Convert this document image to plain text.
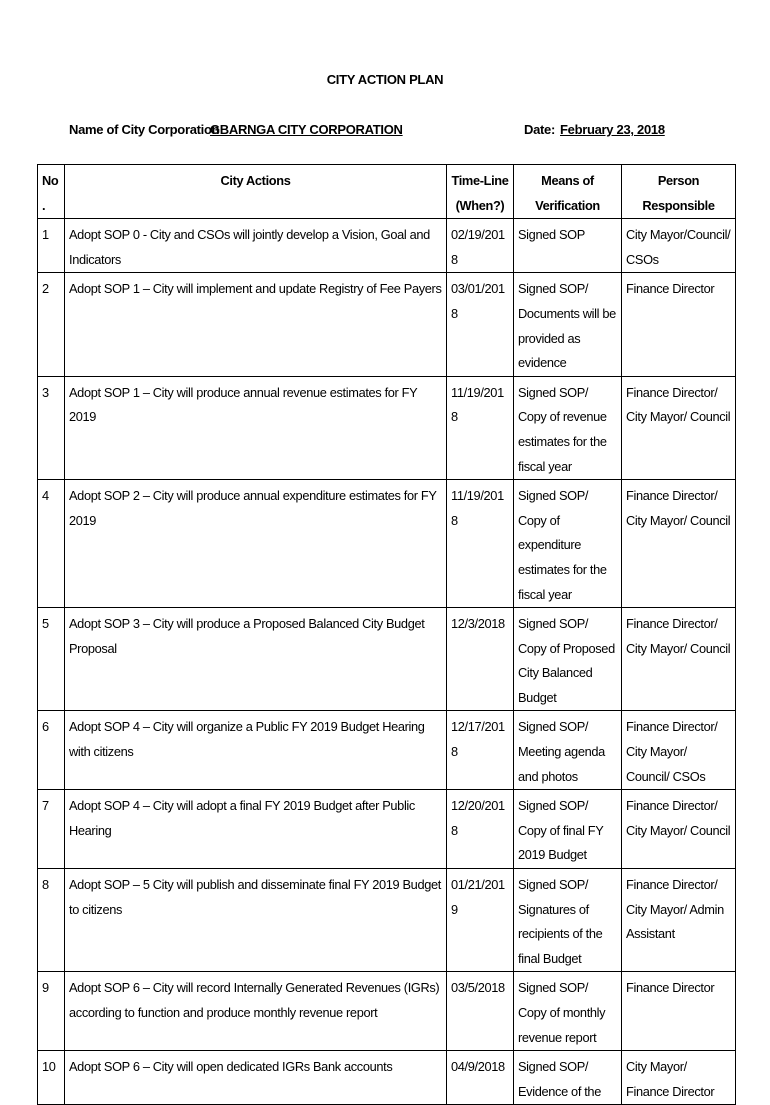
CITY ACTION PLAN
Name of City Corporation
GBARNGA CITY CORPORATION	Date: February 23, 2018
No.	City Actions	Time-Line (When?)	Means of Verification	Person Responsible
1	Adopt SOP 0 - City and CSOs will jointly develop a Vision, Goal and Indicators	02/19/2018	Signed SOP	City Mayor/Council/ CSOs
2	Adopt SOP 1 – City will implement and update Registry of Fee Payers	03/01/2018	Signed SOP/ Documents will be provided as evidence	Finance Director
3	Adopt SOP 1 – City will produce annual revenue estimates for FY 2019	11/19/2018	Signed SOP/ Copy of revenue estimates for the fiscal year	Finance Director/ City Mayor/ Council
4	Adopt SOP 2 – City will produce annual expenditure estimates for FY 2019	11/19/2018	Signed SOP/ Copy of expenditure estimates for the fiscal year	Finance Director/ City Mayor/ Council
5	Adopt SOP 3 – City will produce a Proposed Balanced City Budget Proposal	12/3/2018	Signed SOP/ Copy of Proposed City Balanced Budget	Finance Director/ City Mayor/ Council
6	Adopt SOP 4 – City will organize a Public FY 2019 Budget Hearing with citizens	12/17/2018	Signed SOP/ Meeting agenda and photos	Finance Director/ City Mayor/ Council/ CSOs
7	Adopt SOP 4 – City will adopt a final FY 2019 Budget after Public Hearing	12/20/2018	Signed SOP/ Copy of final FY 2019 Budget	Finance Director/ City Mayor/ Council
8	Adopt SOP – 5 City will publish and disseminate final FY 2019 Budget to citizens	01/21/2019	Signed SOP/ Signatures of recipients of the final Budget	Finance Director/ City Mayor/ Admin Assistant
9	Adopt SOP 6 – City will record Internally Generated Revenues (IGRs) according to function and produce monthly revenue report	03/5/2018	Signed SOP/ Copy of monthly revenue report	Finance Director
10	Adopt SOP 6 – City will open dedicated IGRs Bank accounts	04/9/2018	Signed SOP/ Evidence of the	City Mayor/ Finance Director
